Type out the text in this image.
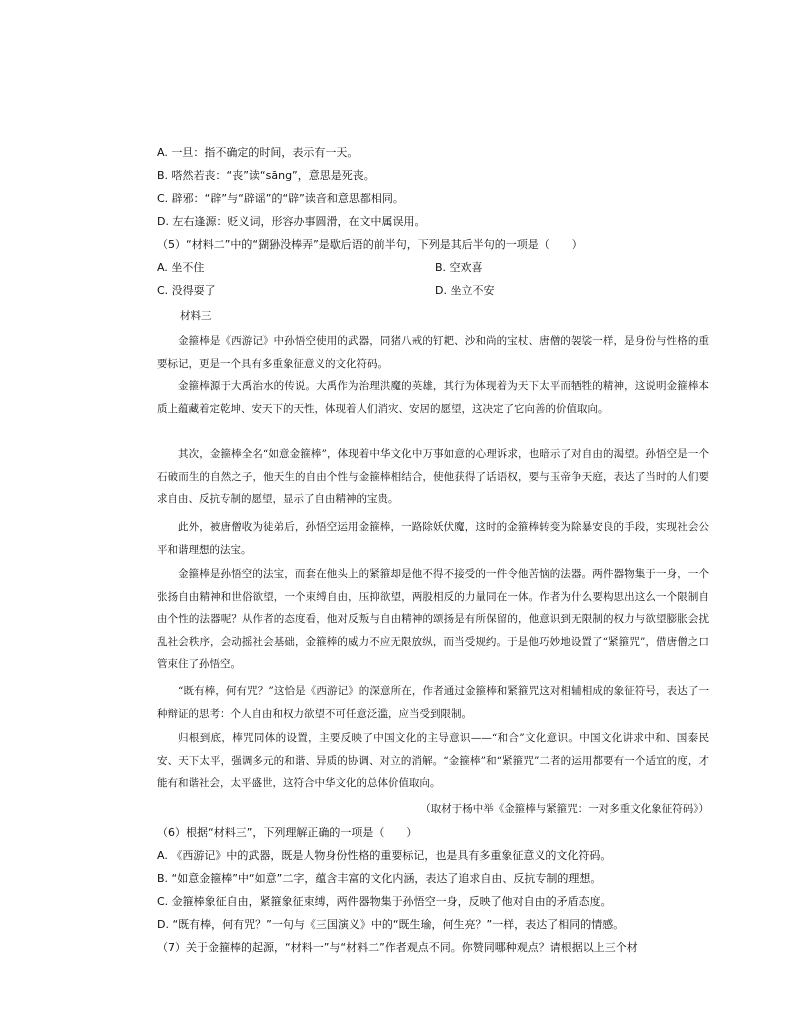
A. 一旦：指不确定的时间，表示有一天。
B. 嗒然若丧：“丧”读“sāng”，意思是死丧。
C. 辟邪：“辟”与“辟谣”的“辟”读音和意思都相同。
D. 左右逢源：贬义词，形容办事圆滑，在文中属误用。
（5）“材料二”中的“猢狲没棒弄”是歇后语的前半句，下列是其后半句的一项是（　　）
A. 坐不住	B. 空欢喜
C. 没得耍了	D. 坐立不安
材料三
金箍棒是《西游记》中孙悟空使用的武器，同猪八戒的钉耙、沙和尚的宝杖、唐僧的袈裟一样，是身份与性格的重要标记，更是一个具有多重象征意义的文化符码。
金箍棒源于大禹治水的传说。大禹作为治理洪魔的英雄，其行为体现着为天下太平而牺牲的精神，这说明金箍棒本质上蕴藏着定乾坤、安天下的天性，体现着人们消灾、安居的愿望，这决定了它向善的价值取向。
其次，金箍棒全名“如意金箍棒”，体现着中华文化中万事如意的心理诉求，也暗示了对自由的渴望。孙悟空是一个石破而生的自然之子，他天生的自由个性与金箍棒相结合，使他获得了话语权，要与玉帝争天庭，表达了当时的人们要求自由、反抗专制的愿望，显示了自由精神的宝贵。
此外，被唐僧收为徒弟后，孙悟空运用金箍棒，一路除妖伏魔，这时的金箍棒转变为除暴安良的手段，实现社会公平和谐理想的法宝。
金箍棒是孙悟空的法宝，而套在他头上的紧箍却是他不得不接受的一件令他苦恼的法器。两件器物集于一身，一个张扬自由精神和世俗欲望，一个束缚自由，压抑欲望，两股相反的力量同在一体。作者为什么要构思出这么一个限制自由个性的法器呢？从作者的态度看，他对反叛与自由精神的颂扬是有所保留的，他意识到无限制的权力与欲望膨胀会扰乱社会秩序，会动摇社会基础，金箍棒的威力不应无限放纵，而当受规约。于是他巧妙地设置了“紧箍咒”，借唐僧之口管束住了孙悟空。
“既有棒，何有咒？”这恰是《西游记》的深意所在，作者通过金箍棒和紧箍咒这对相辅相成的象征符号，表达了一种辩证的思考：个人自由和权力欲望不可任意泛滥，应当受到限制。
归根到底，棒咒同体的设置，主要反映了中国文化的主导意识——“和合”文化意识。中国文化讲求中和、国泰民安、天下太平，强调多元的和谐、异质的协调、对立的消解。“金箍棒”和“紧箍咒”二者的运用都要有一个适宜的度，才能有和谐社会，太平盛世，这符合中华文化的总体价值取向。
（取材于杨中举《金箍棒与紧箍咒：一对多重文化象征符码》）
（6）根据“材料三”，下列理解正确的一项是（　　）
A. 《西游记》中的武器，既是人物身份性格的重要标记，也是具有多重象征意义的文化符码。
B. “如意金箍棒”中“如意”二字，蕴含丰富的文化内涵，表达了追求自由、反抗专制的理想。
C. 金箍棒象征自由，紧箍象征束缚，两件器物集于孙悟空一身，反映了他对自由的矛盾态度。
D. “既有棒，何有咒？”一句与《三国演义》中的“既生瑜，何生亮？”一样，表达了相同的情感。
（7）关于金箍棒的起源，“材料一”与“材料二”作者观点不同。你赞同哪种观点？请根据以上三个材
